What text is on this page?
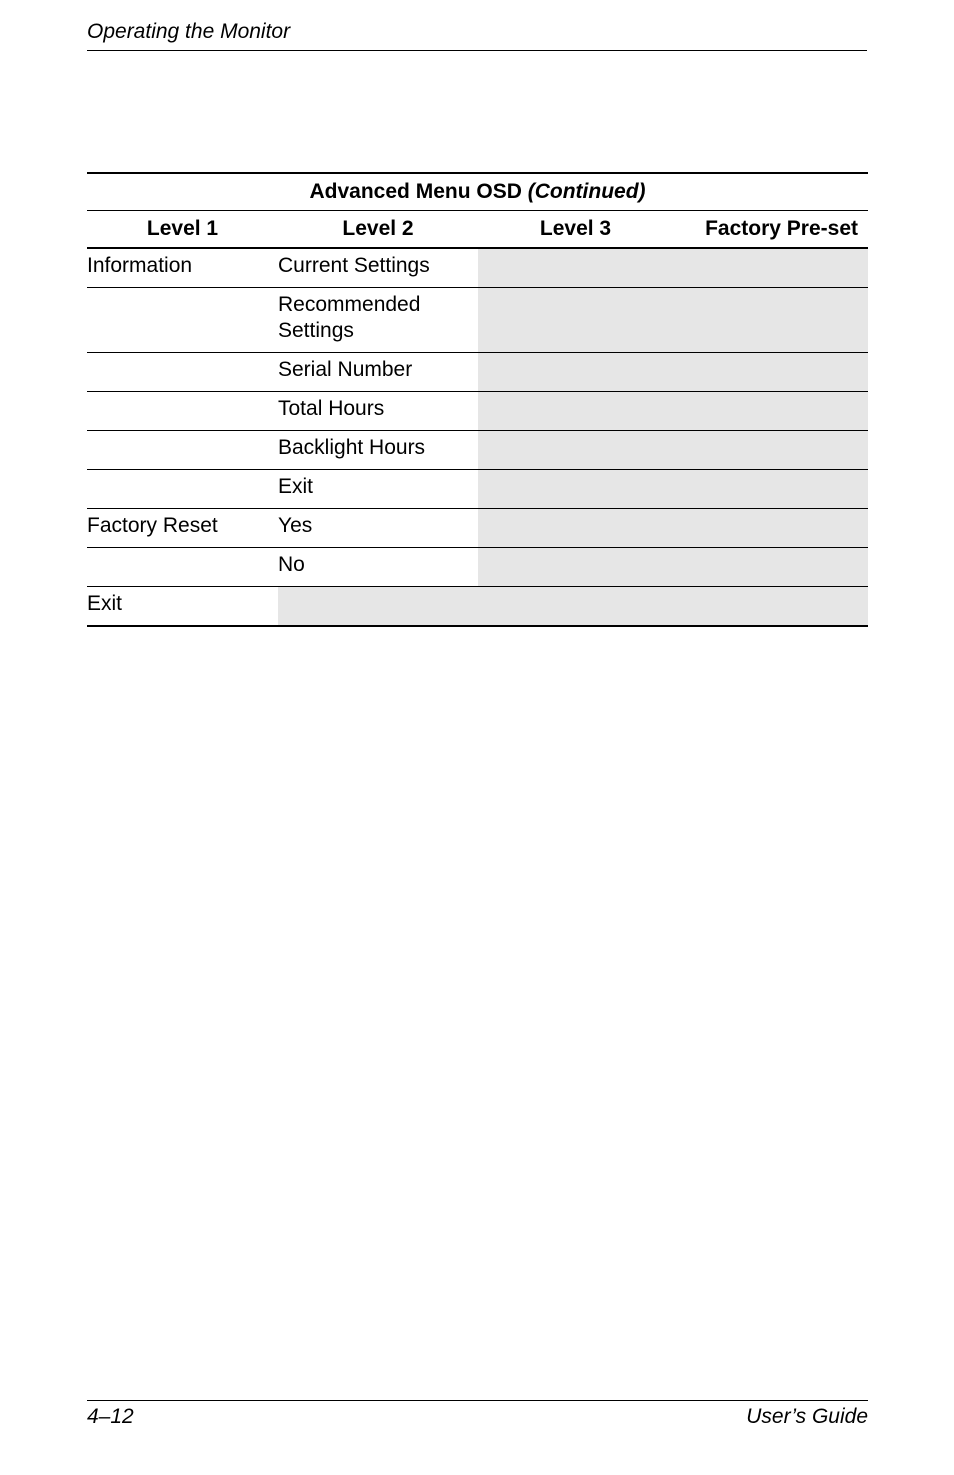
Operating the Monitor
Advanced Menu OSD (Continued)			
Level 1	Level 2	Level 3	Factory Pre-set
Information	Current Settings		
	Recommended Settings		
	Serial Number		
	Total Hours		
	Backlight Hours		
	Exit		
Factory Reset	Yes		
	No		
Exit			
4–12	User’s Guide
